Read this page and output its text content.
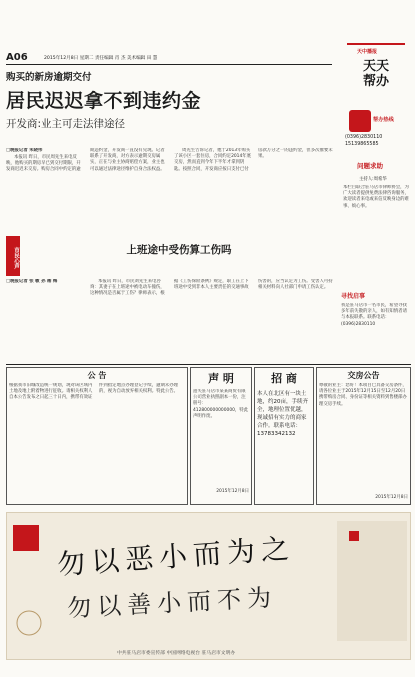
A06	2015年12月8日 星期二 责任编辑 肖 杰 美术编辑 田 慧
天中播报
天天帮办
购买的新房逾期交付
居民迟迟拿不到违约金
开发商:业主可走法律途径

□晚报记者 朱晓伟

本报讯 昨日，市民周先生来电反映，他购买的期房早已到交付期限，开发商迟迟未交房。购房合同中约定的逾期违约金，开发商一直没有兑现。记者联系了开发商，对方表示逾期交房属实，正在与业主协商赔偿方案，业主也可以通过法律途径维护自身合法权益。

周先生告诉记者，他于2013年购买了该小区一套住房，合同约定2014年底交房，然而直到今年下半年才拿到钥匙。按照合同，开发商应按日支付已付房款万分之一的违约金，但多次催要未果。

帮办热线
(0396)2830110
15139865585
问题求助
主持人:周希华
本栏目联合驻马店市律师协会，为广大读者提供免费法律咨询服务，欢迎读者来电或来信反映身边的难事、烦心事。
市民心声	上班途中受伤算工伤吗

□晚报记者 张 敏 孙 稀 梅	本报讯 昨日，市民刘先生来电咨询：其妻子在上班途中被电动车撞伤，这种情况是否属于工伤？律师表示，根据《工伤保险条例》规定，职工在上下班途中受到非本人主要责任的交通事故伤害的，应当认定为工伤。受害人可持相关材料向人社部门申请工伤认定。

寻找启事
我是驻马店市一名市民，希望寻找多年前失散的亲人，如有知情者请与本报联系。联系电话：(0396)2830110
公 告
根据我市旧城改造统一规划，现对该区域内土地及地上附着物进行征收。请相关权利人自本公告发布之日起三十日内，携带有效证件到指定地点办理登记手续，逾期未办理的，视为自动放弃相关权利。特此公告。
声 明
遗失驻马店市某某商贸有限公司营业执照副本一份，注册号：412800000000000，特此声明作废。
2015年12月8日
招 商
本人在北区有一块土地，约20亩，手续齐全，地理位置优越，现诚招有实力的商家合作。联系电话：13783342132
交房公告
尊敬的业主：您好！本项目已具备交房条件，请各位业主于2015年12月15日至12月20日携带购房合同、身份证等相关资料到售楼部办理交房手续。
2015年12月8日
勿以恶小而为之
勿以善小而不为
中共驻马店市委宣传部 中国网络电视台 驻马店市文明办
